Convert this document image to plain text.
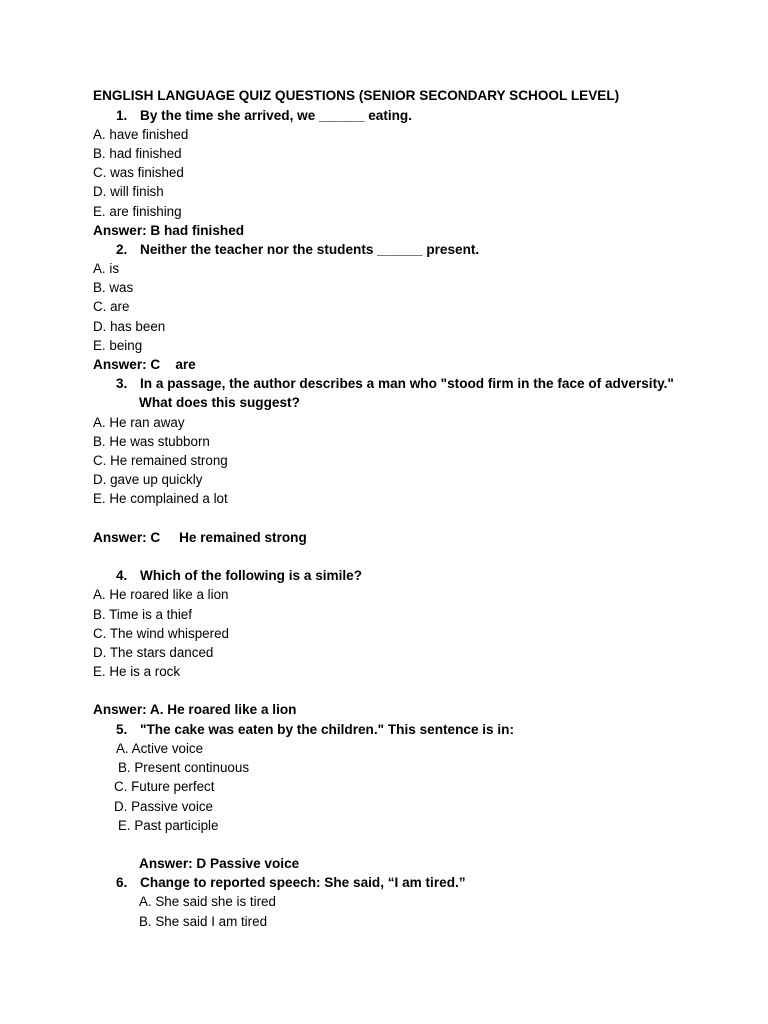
ENGLISH LANGUAGE QUIZ QUESTIONS (SENIOR SECONDARY SCHOOL LEVEL)
1. By the time she arrived, we ______ eating.
A. have finished
B. had finished
C. was finished
D. will finish
E. are finishing
Answer: B had finished
2. Neither the teacher nor the students ______ present.
A. is
B. was
C. are
D. has been
E. being
Answer: C    are
3. In a passage, the author describes a man who "stood firm in the face of adversity."
What does this suggest?
A. He ran away
B. He was stubborn
C. He remained strong
D. gave up quickly
E. He complained a lot
Answer: C     He remained strong
4. Which of the following is a simile?
A. He roared like a lion
B. Time is a thief
C. The wind whispered
D. The stars danced
E. He is a rock
Answer: A. He roared like a lion
5. "The cake was eaten by the children." This sentence is in:
A. Active voice
B. Present continuous
C. Future perfect
D. Passive voice
E. Past participle
Answer: D Passive voice
6. Change to reported speech: She said, “I am tired.”
A. She said she is tired
B. She said I am tired
